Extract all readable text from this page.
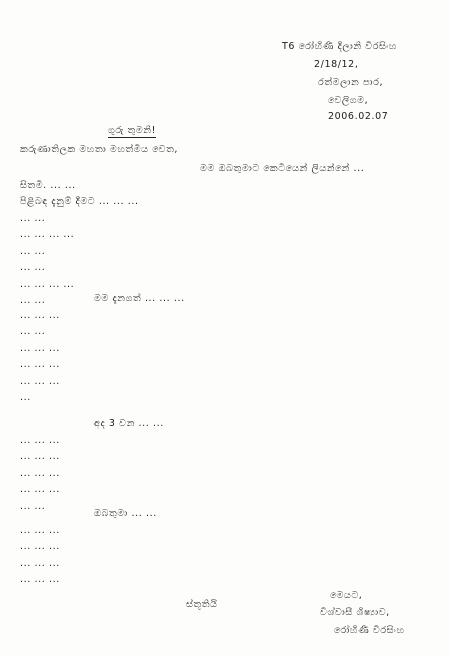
T6 රෝහිණී දිලානි වීරසිංහ
2/18/12,
රත්මලාන පාර,
වෙලිගම,
2006.02.07
ගුරු තුමනි!
කරුණාතිලක මහතා මහත්මිය වෙත,
මම ඔබතුමාට කෙටියෙන් ලියන්නේ ...
සිතමි. ... ...
පිළිබඳ දැනුම් දීමට ... ... ...
... ...
... ... ... ...
... ...
... ...
... ... ... ...
... ...	මම දැනගත් ... ... ...
... ... ...
... ...
... ... ...
... ... ...
... ... ...
...
අද 3 වන ... ...
... ... ...
... ... ...
... ... ...
... ... ...
... ...
ඔබතුමා ... ...
... ... ...
... ... ...
... ... ...
... ... ...
ස්තූතියි
මෙයට,
විශ්වාසී ශිෂ්‍යාව,
රෝහිණී වීරසිංහ
